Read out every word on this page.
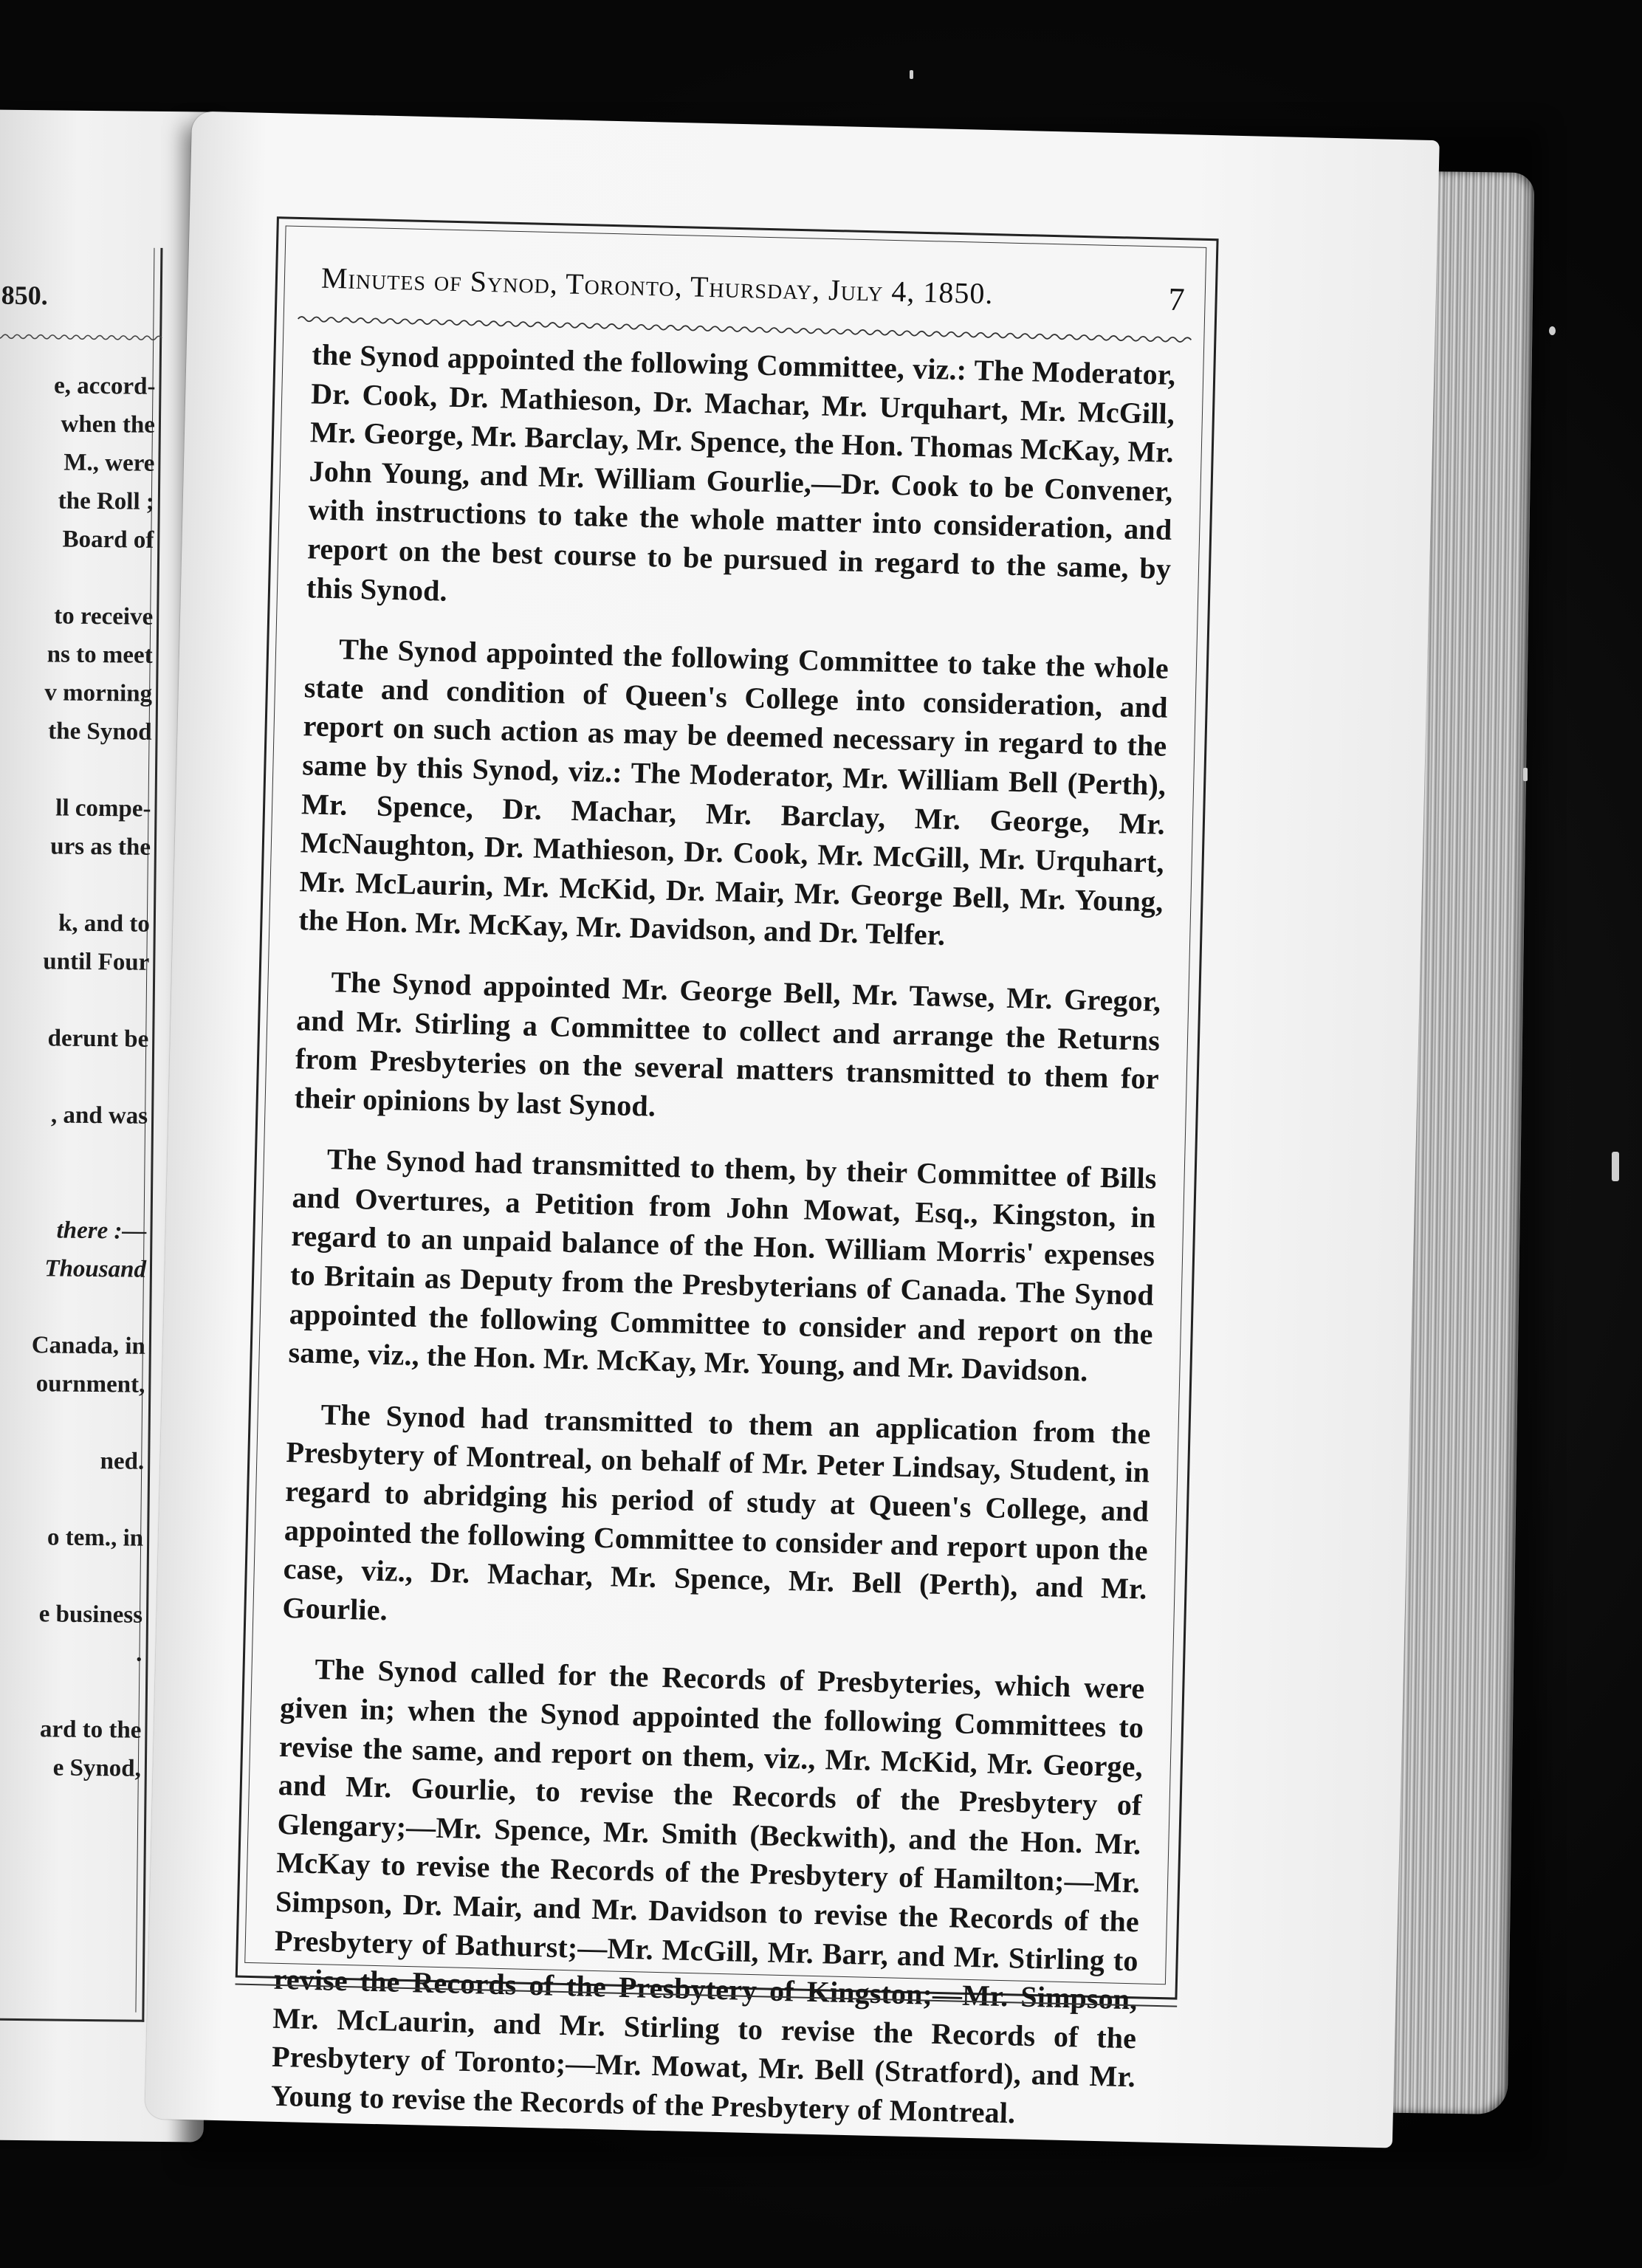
850.
e, accord-
when the
M., were
the Roll ;
Board of
to receive
ns to meet
v morning
the Synod
ll compe-
urs as the
k, and to
until Four
derunt be
, and was
there :—
Thousand
Canada, in
ournment,
ned.
o tem., in
e business
.
ard to the
e Synod,
Minutes of Synod, Toronto, Thursday, July 4, 1850.	7

the Synod appointed the following Committee, viz.: The Moderator, Dr. Cook, Dr. Mathieson, Dr. Machar, Mr. Urquhart, Mr. McGill, Mr. George, Mr. Barclay, Mr. Spence, the Hon. Thomas McKay, Mr. John Young, and Mr. William Gourlie,—Dr. Cook to be Convener, with instructions to take the whole matter into consideration, and report on the best course to be pursued in regard to the same, by this Synod.

The Synod appointed the following Committee to take the whole state and condition of Queen's College into consideration, and report on such action as may be deemed necessary in regard to the same by this Synod, viz.: The Moderator, Mr. William Bell (Perth), Mr. Spence, Dr. Machar, Mr. Barclay, Mr. George, Mr. McNaughton, Dr. Mathieson, Dr. Cook, Mr. McGill, Mr. Urquhart, Mr. McLaurin, Mr. McKid, Dr. Mair, Mr. George Bell, Mr. Young, the Hon. Mr. McKay, Mr. Davidson, and Dr. Telfer.

The Synod appointed Mr. George Bell, Mr. Tawse, Mr. Gregor, and Mr. Stirling a Committee to collect and arrange the Returns from Presbyteries on the several matters transmitted to them for their opinions by last Synod.

The Synod had transmitted to them, by their Committee of Bills and Overtures, a Petition from John Mowat, Esq., Kingston, in regard to an unpaid balance of the Hon. William Morris' expenses to Britain as Deputy from the Presbyterians of Canada. The Synod appointed the following Committee to consider and report on the same, viz., the Hon. Mr. McKay, Mr. Young, and Mr. Davidson.

The Synod had transmitted to them an application from the Presbytery of Montreal, on behalf of Mr. Peter Lindsay, Student, in regard to abridging his period of study at Queen's College, and appointed the following Committee to consider and report upon the case, viz., Dr. Machar, Mr. Spence, Mr. Bell (Perth), and Mr. Gourlie.

The Synod called for the Records of Presbyteries, which were given in; when the Synod appointed the following Committees to revise the same, and report on them, viz., Mr. McKid, Mr. George, and Mr. Gourlie, to revise the Records of the Presbytery of Glengary;—Mr. Spence, Mr. Smith (Beckwith), and the Hon. Mr. McKay to revise the Records of the Presbytery of Hamilton;—Mr. Simpson, Dr. Mair, and Mr. Davidson to revise the Records of the Presbytery of Bathurst;—Mr. McGill, Mr. Barr, and Mr. Stirling to revise the Records of the Presbytery of Kingston;—Mr. Simpson, Mr. McLaurin, and Mr. Stirling to revise the Records of the Presbytery of Toronto;—Mr. Mowat, Mr. Bell (Stratford), and Mr. Young to revise the Records of the Presbytery of Montreal.
